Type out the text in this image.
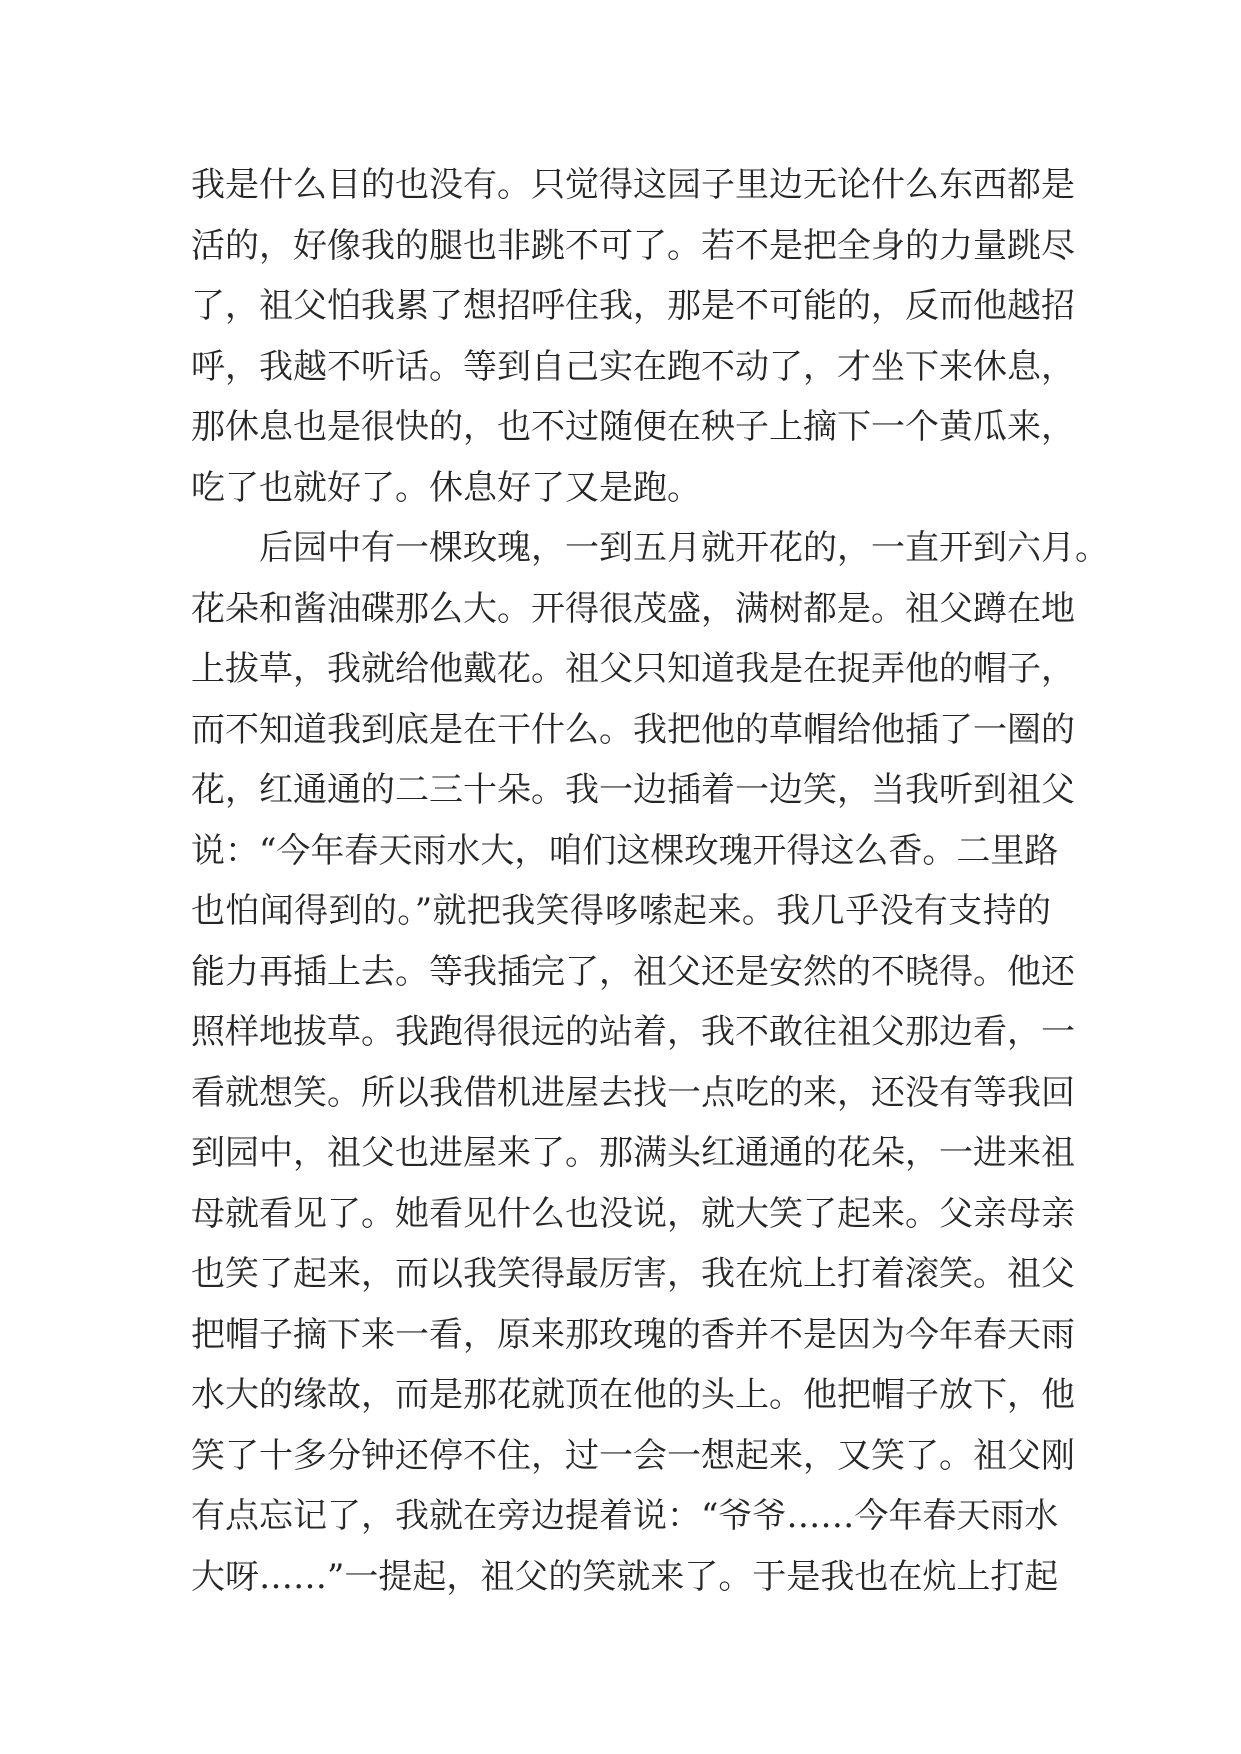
我是什么目的也没有。只觉得这园子里边无论什么东西都是
活的，好像我的腿也非跳不可了。若不是把全身的力量跳尽
了，祖父怕我累了想招呼住我，那是不可能的，反而他越招
呼，我越不听话。等到自己实在跑不动了，才坐下来休息，
那休息也是很快的，也不过随便在秧子上摘下一个黄瓜来，
吃了也就好了。休息好了又是跑。
后园中有一棵玫瑰，一到五月就开花的，一直开到六月。
花朵和酱油碟那么大。开得很茂盛，满树都是。祖父蹲在地
上拔草，我就给他戴花。祖父只知道我是在捉弄他的帽子，
而不知道我到底是在干什么。我把他的草帽给他插了一圈的
花，红通通的二三十朵。我一边插着一边笑，当我听到祖父
说：“今年春天雨水大，咱们这棵玫瑰开得这么香。二里路
也怕闻得到的。”就把我笑得哆嗦起来。我几乎没有支持的
能力再插上去。等我插完了，祖父还是安然的不晓得。他还
照样地拔草。我跑得很远的站着，我不敢往祖父那边看，一
看就想笑。所以我借机进屋去找一点吃的来，还没有等我回
到园中，祖父也进屋来了。那满头红通通的花朵，一进来祖
母就看见了。她看见什么也没说，就大笑了起来。父亲母亲
也笑了起来，而以我笑得最厉害，我在炕上打着滚笑。祖父
把帽子摘下来一看，原来那玫瑰的香并不是因为今年春天雨
水大的缘故，而是那花就顶在他的头上。他把帽子放下，他
笑了十多分钟还停不住，过一会一想起来，又笑了。祖父刚
有点忘记了，我就在旁边提着说：“爷爷……今年春天雨水
大呀……”一提起，祖父的笑就来了。于是我也在炕上打起
